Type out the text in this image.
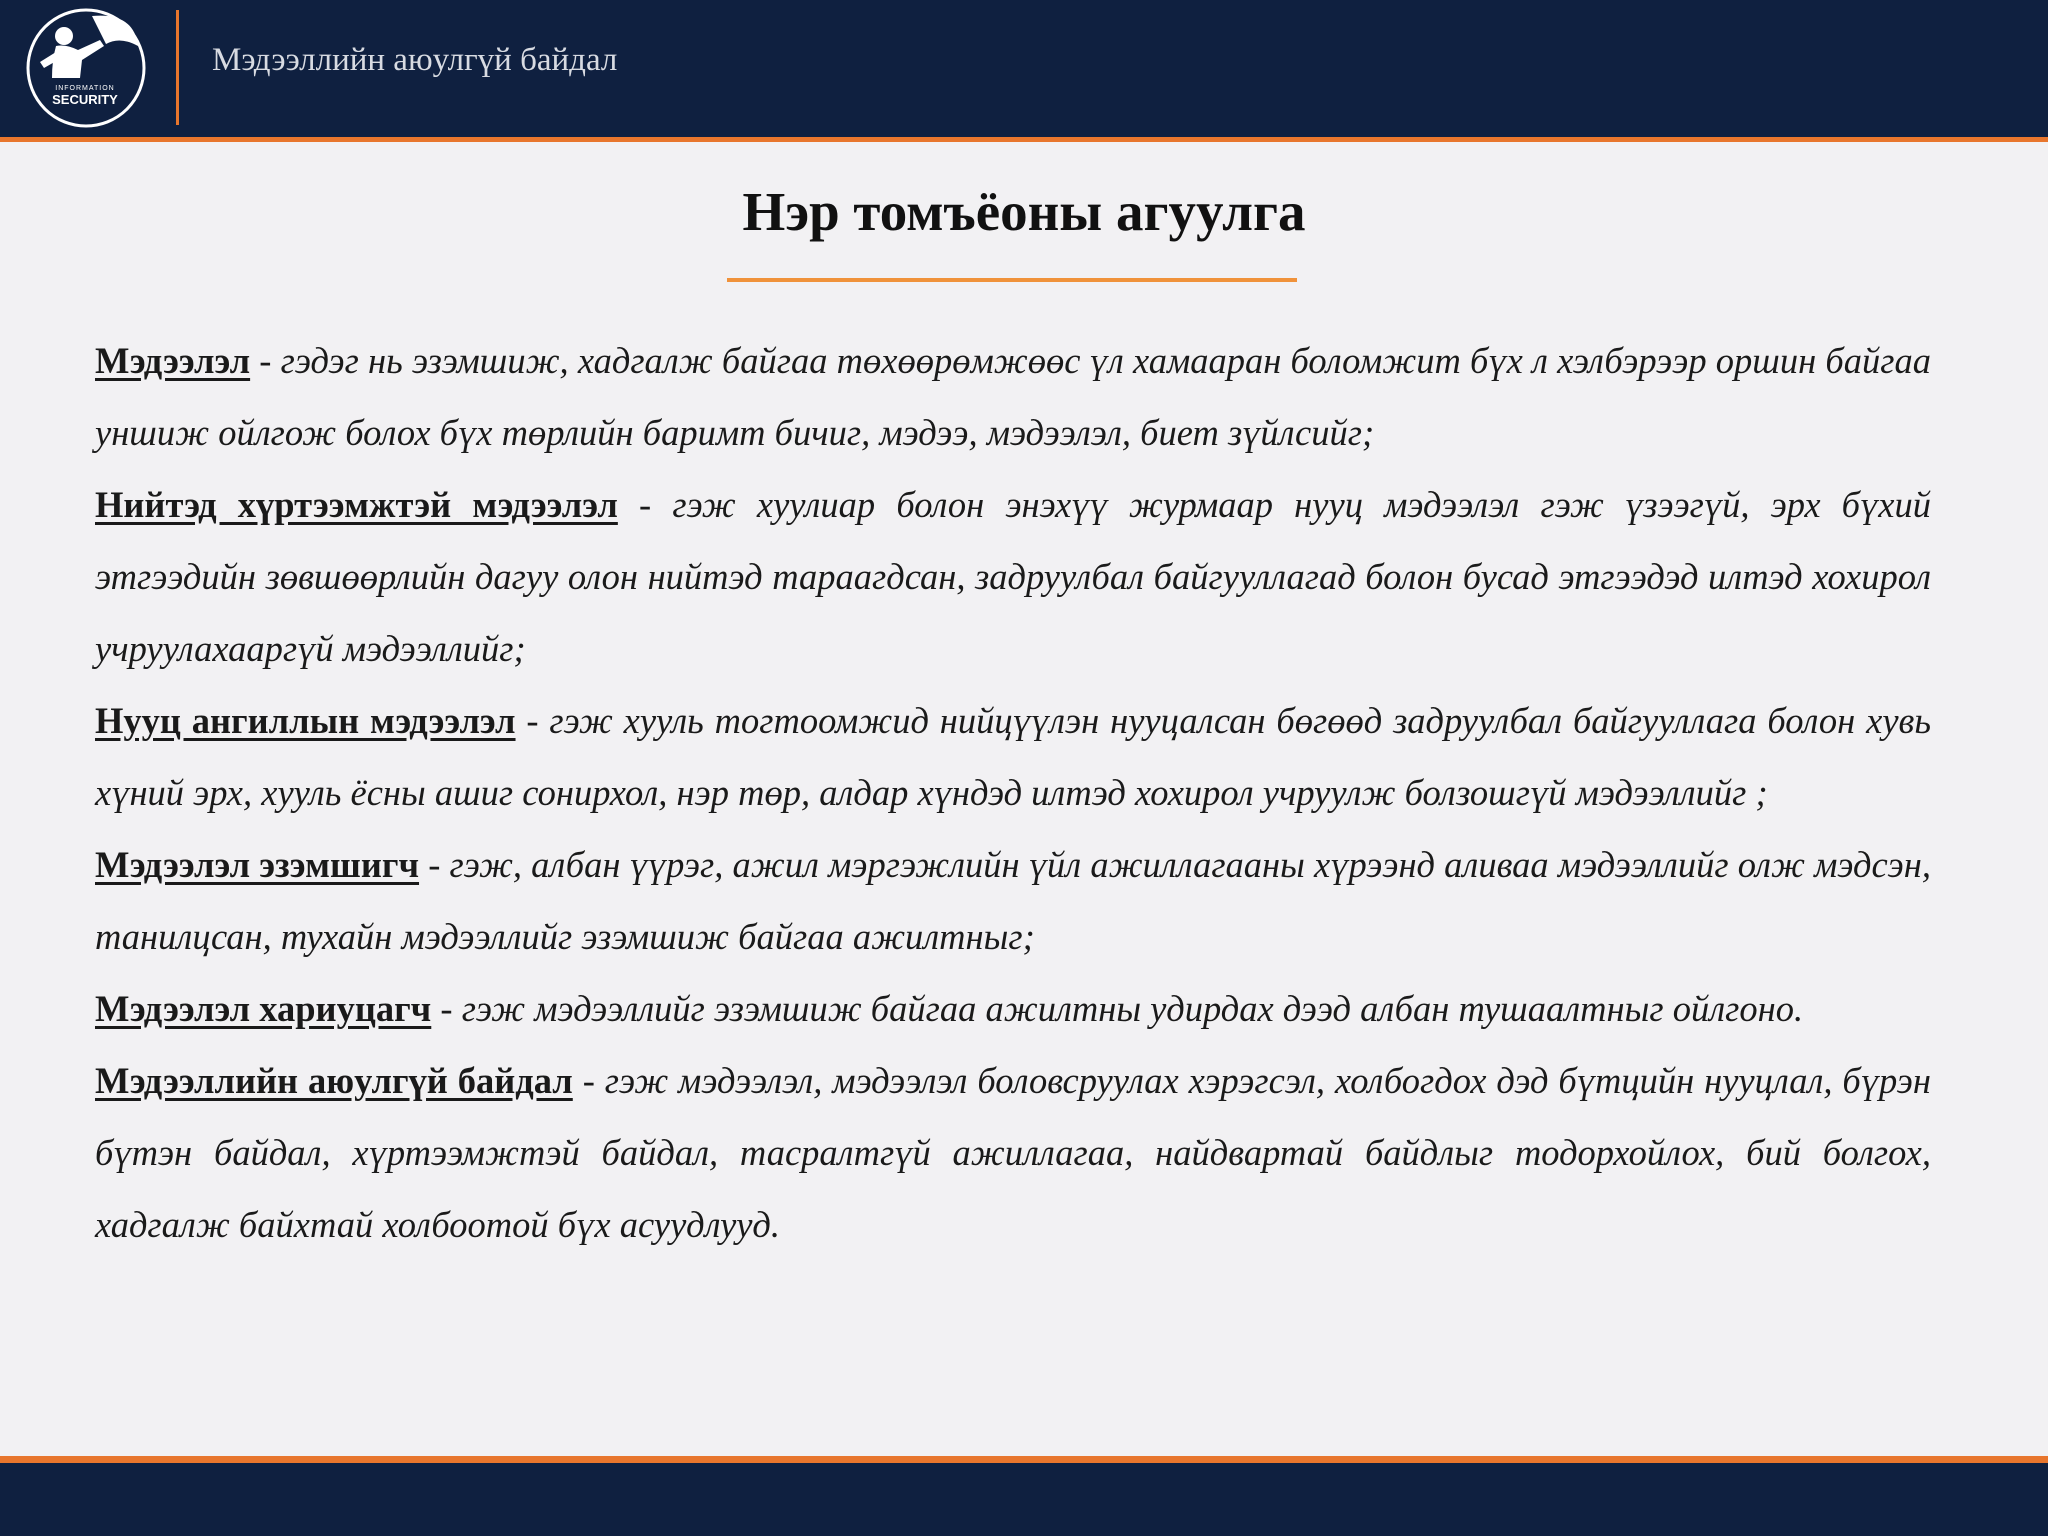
INFORMATION
SECURITY
Мэдээллийн аюулгүй байдал
Нэр томъёоны агуулга

Мэдээлэл - гэдэг нь эзэмшиж, хадгалж байгаа төхөөрөмжөөс үл хамааран боломжит бүх л хэлбэрээр оршин байгаа уншиж ойлгож болох бүх төрлийн баримт бичиг, мэдээ, мэдээлэл, биет зүйлсийг;

Нийтэд хүртээмжтэй мэдээлэл - гэж хуулиар болон энэхүү журмаар нууц мэдээлэл гэж үзээгүй, эрх бүхий этгээдийн зөвшөөрлийн дагуу олон нийтэд тараагдсан, задруулбал байгууллагад болон бусад этгээдэд илтэд хохирол учруулахааргүй мэдээллийг;

Нууц ангиллын мэдээлэл - гэж хууль тогтоомжид нийцүүлэн нууцалсан бөгөөд задруулбал байгууллага болон хувь хүний эрх, хууль ёсны ашиг сонирхол, нэр төр, алдар хүндэд илтэд хохирол учруулж болзошгүй мэдээллийг ;

Мэдээлэл эзэмшигч - гэж, албан үүрэг, ажил мэргэжлийн үйл ажиллагааны хүрээнд аливаа мэдээллийг олж мэдсэн, танилцсан, тухайн мэдээллийг эзэмшиж байгаа ажилтныг;

Мэдээлэл хариуцагч - гэж мэдээллийг эзэмшиж байгаа ажилтны удирдах дээд албан тушаалтныг ойлгоно.

Мэдээллийн аюулгүй байдал - гэж мэдээлэл, мэдээлэл боловсруулах хэрэгсэл, холбогдох дэд бүтцийн нууцлал, бүрэн бүтэн байдал, хүртээмжтэй байдал, тасралтгүй ажиллагаа, найдвартай байдлыг тодорхойлох, бий болгох, хадгалж байхтай холбоотой бүх асуудлууд.
